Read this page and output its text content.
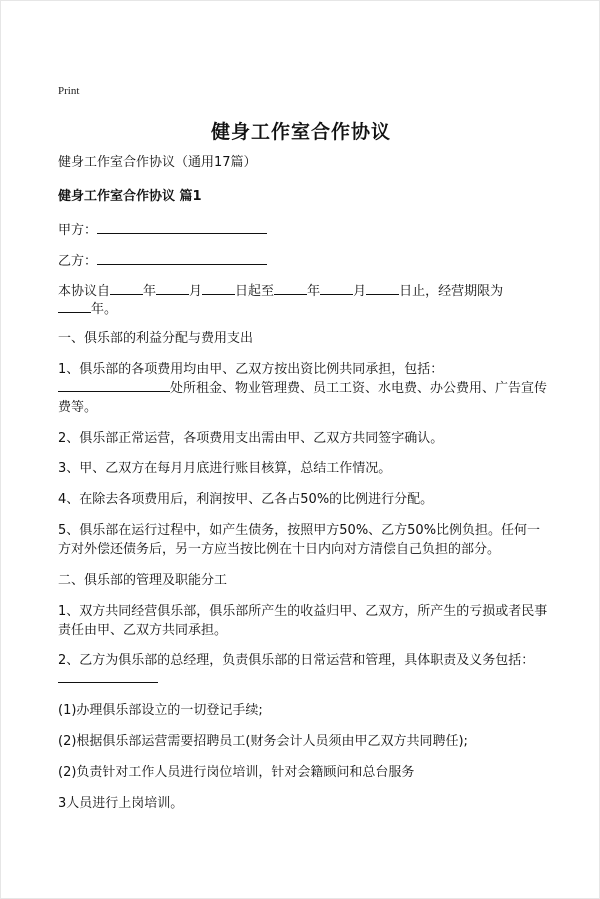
Print
健身工作室合作协议
健身工作室合作协议（通用17篇）
健身工作室合作协议 篇1
甲方：
乙方：
本协议自	年	月	日起至	年	月	日止，经营期限为
年。
一、俱乐部的利益分配与费用支出
1、俱乐部的各项费用均由甲、乙双方按出资比例共同承担，包括：
处所租金、物业管理费、员工工资、水电费、办公费用、广告宣传费等。
2、俱乐部正常运营，各项费用支出需由甲、乙双方共同签字确认。
3、甲、乙双方在每月月底进行账目核算，总结工作情况。
4、在除去各项费用后，利润按甲、乙各占50%的比例进行分配。
5、俱乐部在运行过程中，如产生债务，按照甲方50%、乙方50%比例负担。任何一方对外偿还债务后，另一方应当按比例在十日内向对方清偿自己负担的部分。
二、俱乐部的管理及职能分工
1、双方共同经营俱乐部，俱乐部所产生的收益归甲、乙双方，所产生的亏损或者民事责任由甲、乙双方共同承担。
2、乙方为俱乐部的总经理，负责俱乐部的日常运营和管理，具体职责及义务包括：
(1)办理俱乐部设立的一切登记手续;
(2)根据俱乐部运营需要招聘员工(财务会计人员须由甲乙双方共同聘任);
(2)负责针对工作人员进行岗位培训，针对会籍顾问和总台服务
3人员进行上岗培训。
